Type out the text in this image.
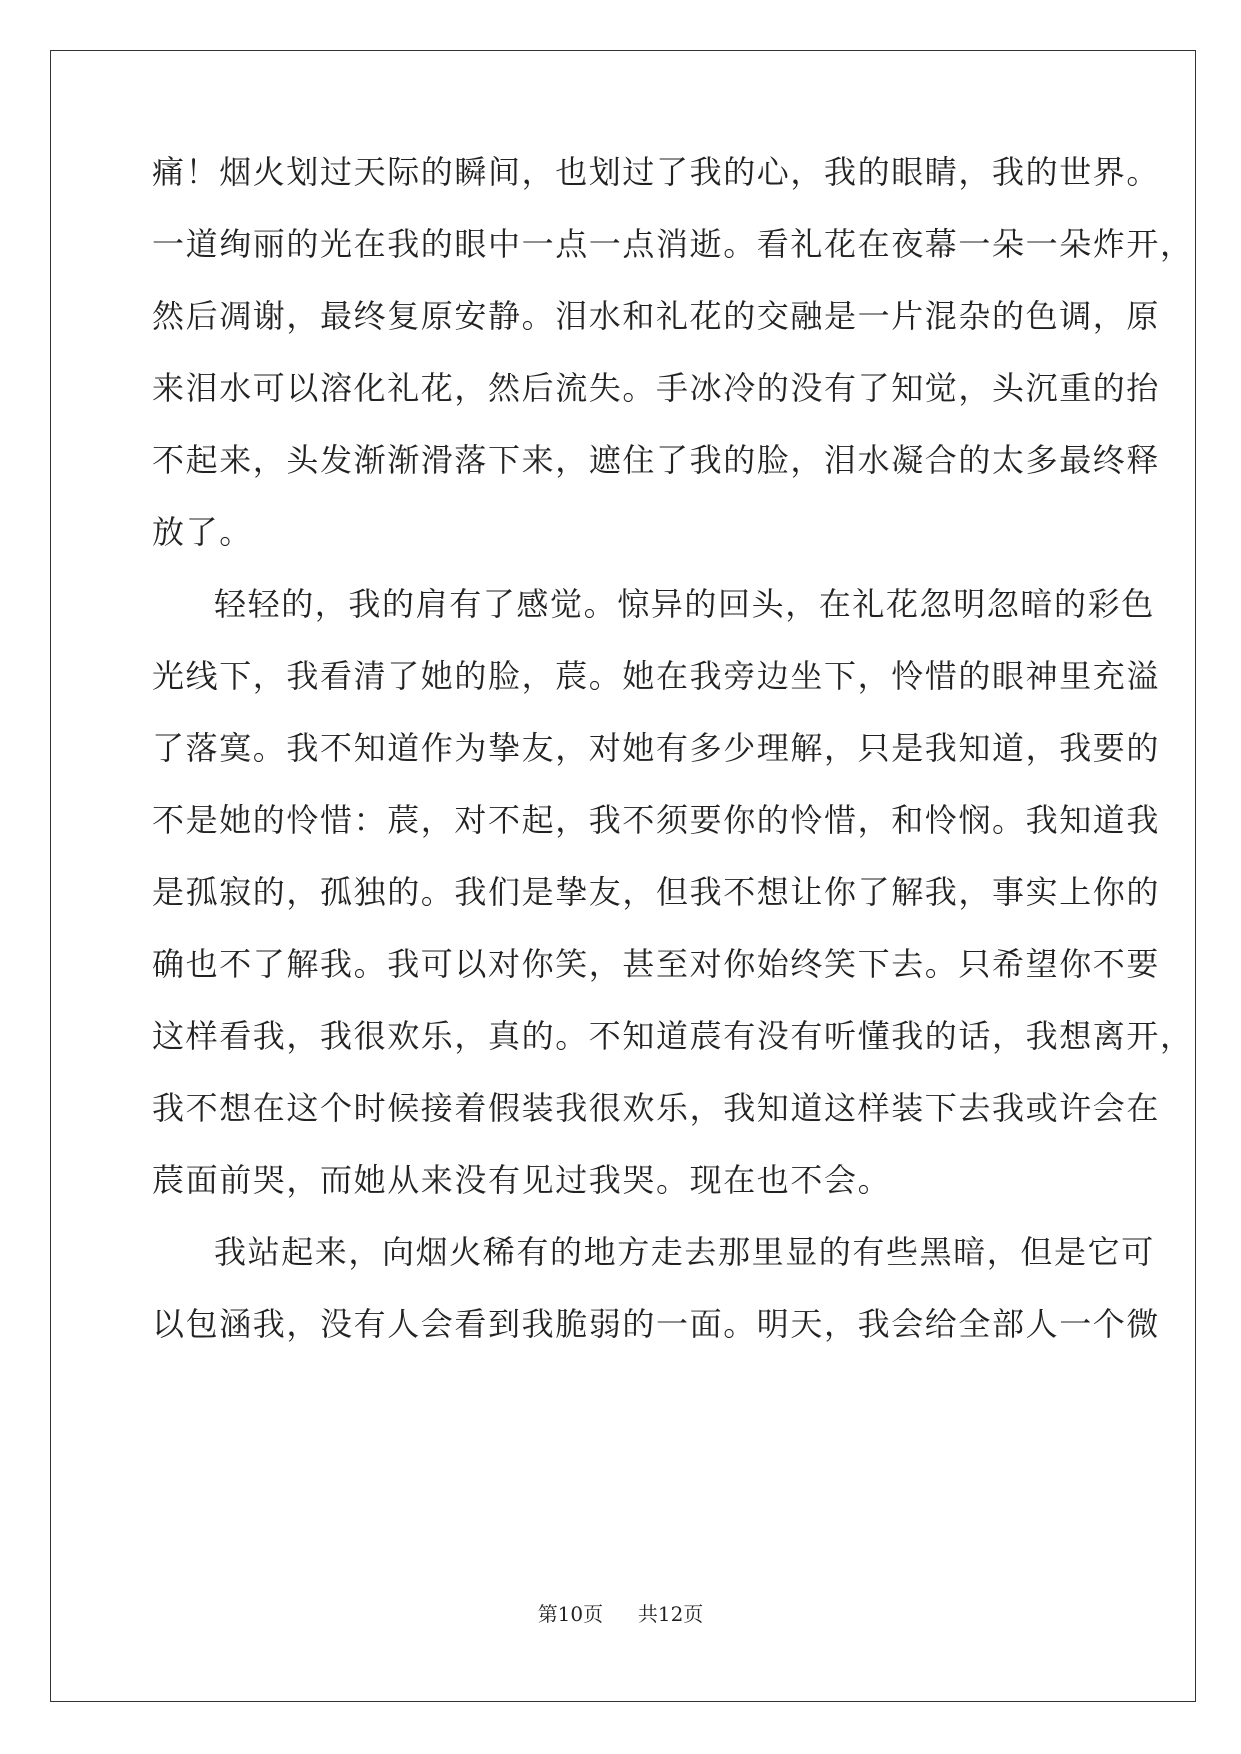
痛！烟火划过天际的瞬间，也划过了我的心，我的眼睛，我的世界。
一道绚丽的光在我的眼中一点一点消逝。看礼花在夜幕一朵一朵炸开，
然后凋谢，最终复原安静。泪水和礼花的交融是一片混杂的色调，原
来泪水可以溶化礼花，然后流失。手冰冷的没有了知觉，头沉重的抬
不起来，头发渐渐滑落下来，遮住了我的脸，泪水凝合的太多最终释
放了。
轻轻的，我的肩有了感觉。惊异的回头，在礼花忽明忽暗的彩色
光线下，我看清了她的脸，莀。她在我旁边坐下，怜惜的眼神里充溢
了落寞。我不知道作为挚友，对她有多少理解，只是我知道，我要的
不是她的怜惜：莀，对不起，我不须要你的怜惜，和怜悯。我知道我
是孤寂的，孤独的。我们是挚友，但我不想让你了解我，事实上你的
确也不了解我。我可以对你笑，甚至对你始终笑下去。只希望你不要
这样看我，我很欢乐，真的。不知道莀有没有听懂我的话，我想离开，
我不想在这个时候接着假装我很欢乐，我知道这样装下去我或许会在
莀面前哭，而她从来没有见过我哭。现在也不会。
我站起来，向烟火稀有的地方走去那里显的有些黑暗，但是它可
以包涵我，没有人会看到我脆弱的一面。明天，我会给全部人一个微
第10页 共12页
